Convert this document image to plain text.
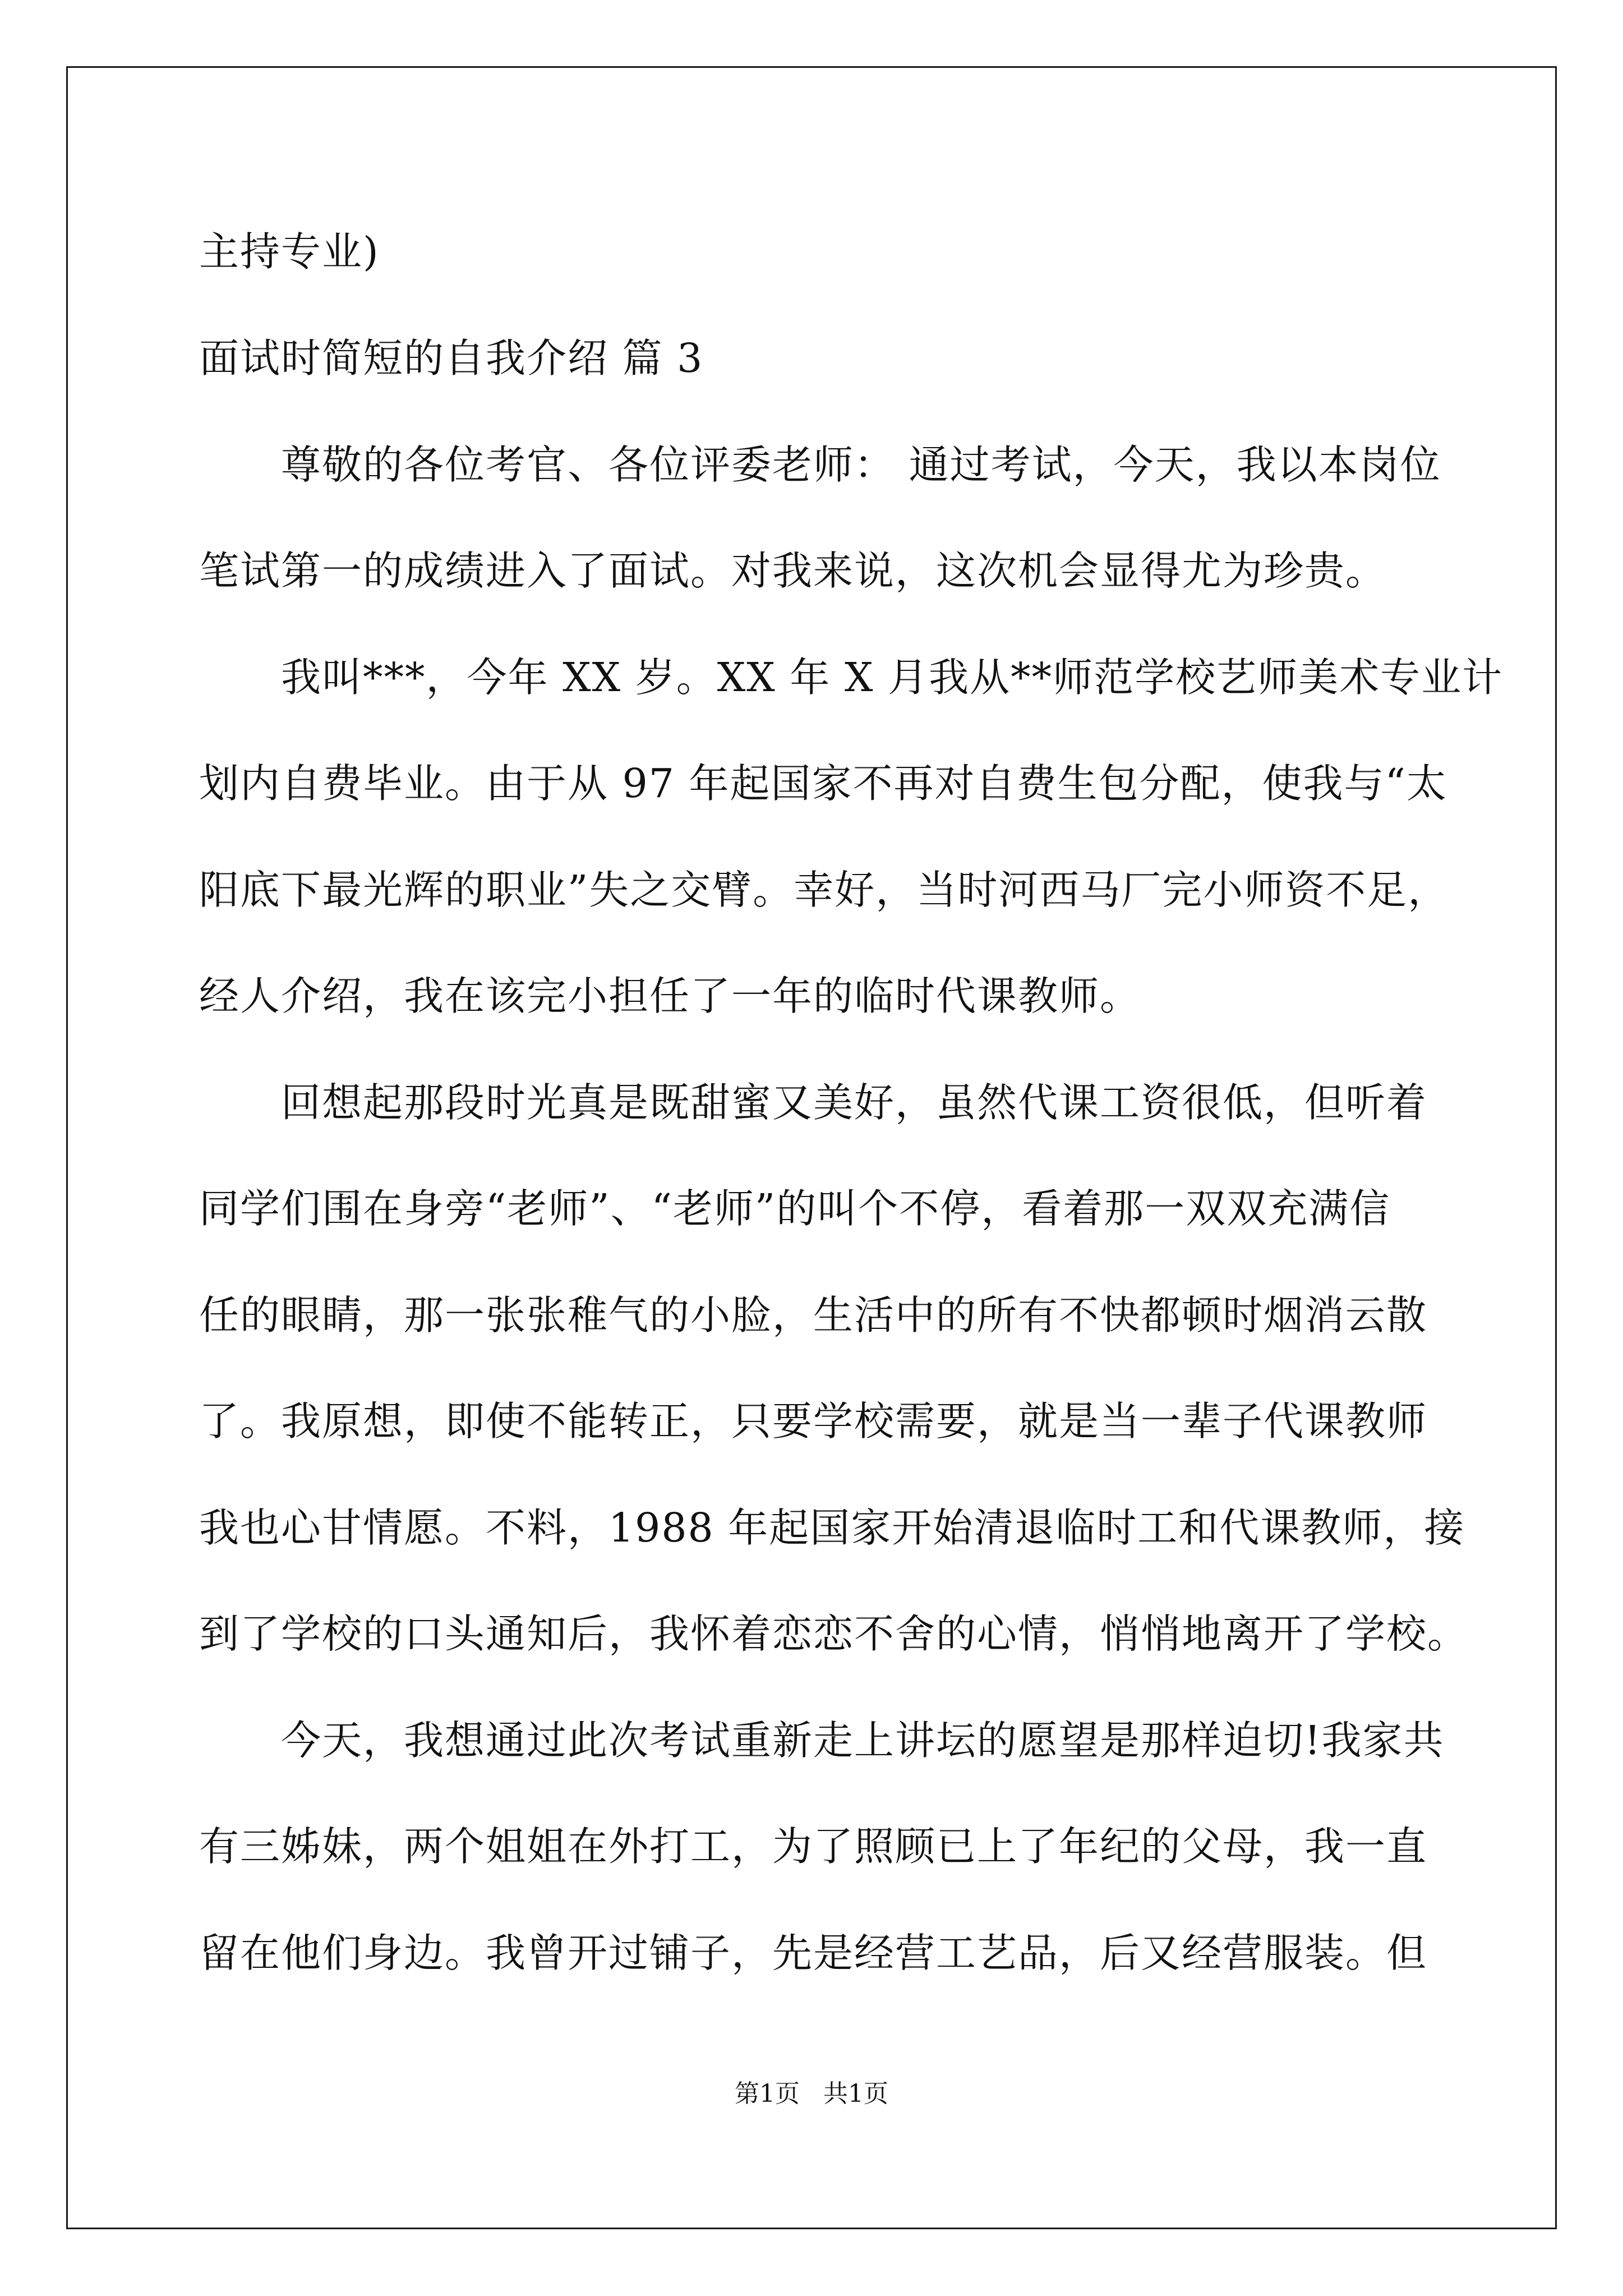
主持专业)
面试时简短的自我介绍 篇 3
尊敬的各位考官、各位评委老师： 通过考试，今天，我以本岗位
笔试第一的成绩进入了面试。对我来说，这次机会显得尤为珍贵。
我叫***，今年 XX 岁。XX 年 X 月我从**师范学校艺师美术专业计
划内自费毕业。由于从 97 年起国家不再对自费生包分配，使我与“太
阳底下最光辉的职业”失之交臂。幸好，当时河西马厂完小师资不足，
经人介绍，我在该完小担任了一年的临时代课教师。
回想起那段时光真是既甜蜜又美好，虽然代课工资很低，但听着
同学们围在身旁“老师”、“老师”的叫个不停，看着那一双双充满信
任的眼睛，那一张张稚气的小脸，生活中的所有不快都顿时烟消云散
了。我原想，即使不能转正，只要学校需要，就是当一辈子代课教师
我也心甘情愿。不料，1988 年起国家开始清退临时工和代课教师，接
到了学校的口头通知后，我怀着恋恋不舍的心情，悄悄地离开了学校。
今天，我想通过此次考试重新走上讲坛的愿望是那样迫切!我家共
有三姊妹，两个姐姐在外打工，为了照顾已上了年纪的父母，我一直
留在他们身边。我曾开过铺子，先是经营工艺品，后又经营服装。但
第1页   共1页
